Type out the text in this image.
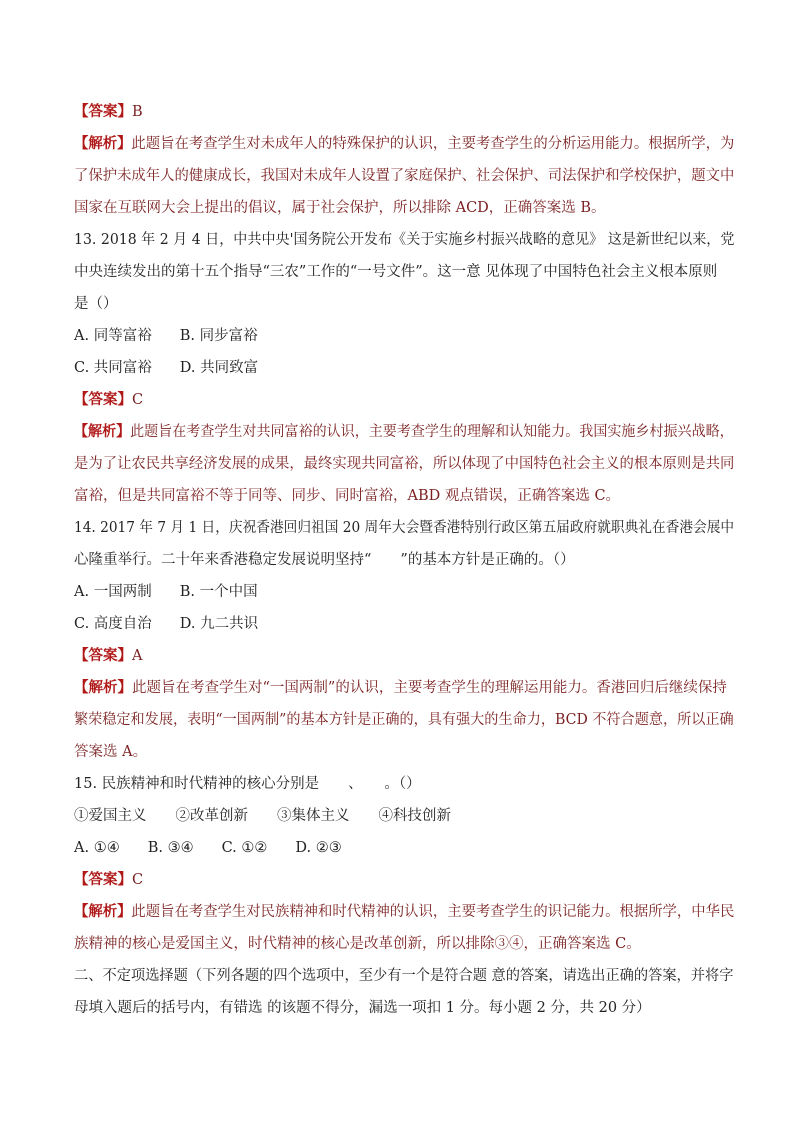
【答案】B
【解析】此题旨在考查学生对未成年人的特殊保护的认识，主要考查学生的分析运用能力。根据所学，为
了保护未成年人的健康成长，我国对未成年人设置了家庭保护、社会保护、司法保护和学校保护，题文中
国家在互联网大会上提出的倡议，属于社会保护，所以排除 ACD，正确答案选 B。
13. 2018 年 2 月 4 日，中共中央'国务院公开发布《关于实施乡村振兴战略的意见》 这是新世纪以来，党
中央连续发出的第十五个指导“三农”工作的“一号文件”。这一意 见体现了中国特色社会主义根本原则
是（）
A. 同等富裕 B. 同步富裕
C. 共同富裕 D. 共同致富
【答案】C
【解析】此题旨在考查学生对共同富裕的认识，主要考查学生的理解和认知能力。我国实施乡村振兴战略，
是为了让农民共享经济发展的成果，最终实现共同富裕，所以体现了中国特色社会主义的根本原则是共同
富裕，但是共同富裕不等于同等、同步、同时富裕，ABD 观点错误，正确答案选 C。
14. 2017 年 7 月 1 日，庆祝香港回归祖国 20 周年大会暨香港特别行政区第五届政府就职典礼在香港会展中
心隆重举行。二十年来香港稳定发展说明坚持“　　”的基本方针是正确的。（）
A. 一国两制 B. 一个中国
C. 高度自治 D. 九二共识
【答案】A
【解析】此题旨在考查学生对“一国两制”的认识，主要考查学生的理解运用能力。香港回归后继续保持
繁荣稳定和发展，表明“一国两制”的基本方针是正确的，具有强大的生命力，BCD 不符合题意，所以正确
答案选 A。
15. 民族精神和时代精神的核心分别是　　、　　。（）
①爱国主义　　②改革创新　　③集体主义　　④科技创新
A. ①④ B. ③④ C. ①② D. ②③
【答案】C
【解析】此题旨在考查学生对民族精神和时代精神的认识，主要考查学生的识记能力。根据所学，中华民
族精神的核心是爱国主义，时代精神的核心是改革创新，所以排除③④，正确答案选 C。
二、不定项选择题（下列各题的四个选项中，至少有一个是符合题 意的答案，请选出正确的答案，并将字
母填入题后的括号内，有错选 的该题不得分，漏选一项扣 1 分。每小题 2 分，共 20 分）
